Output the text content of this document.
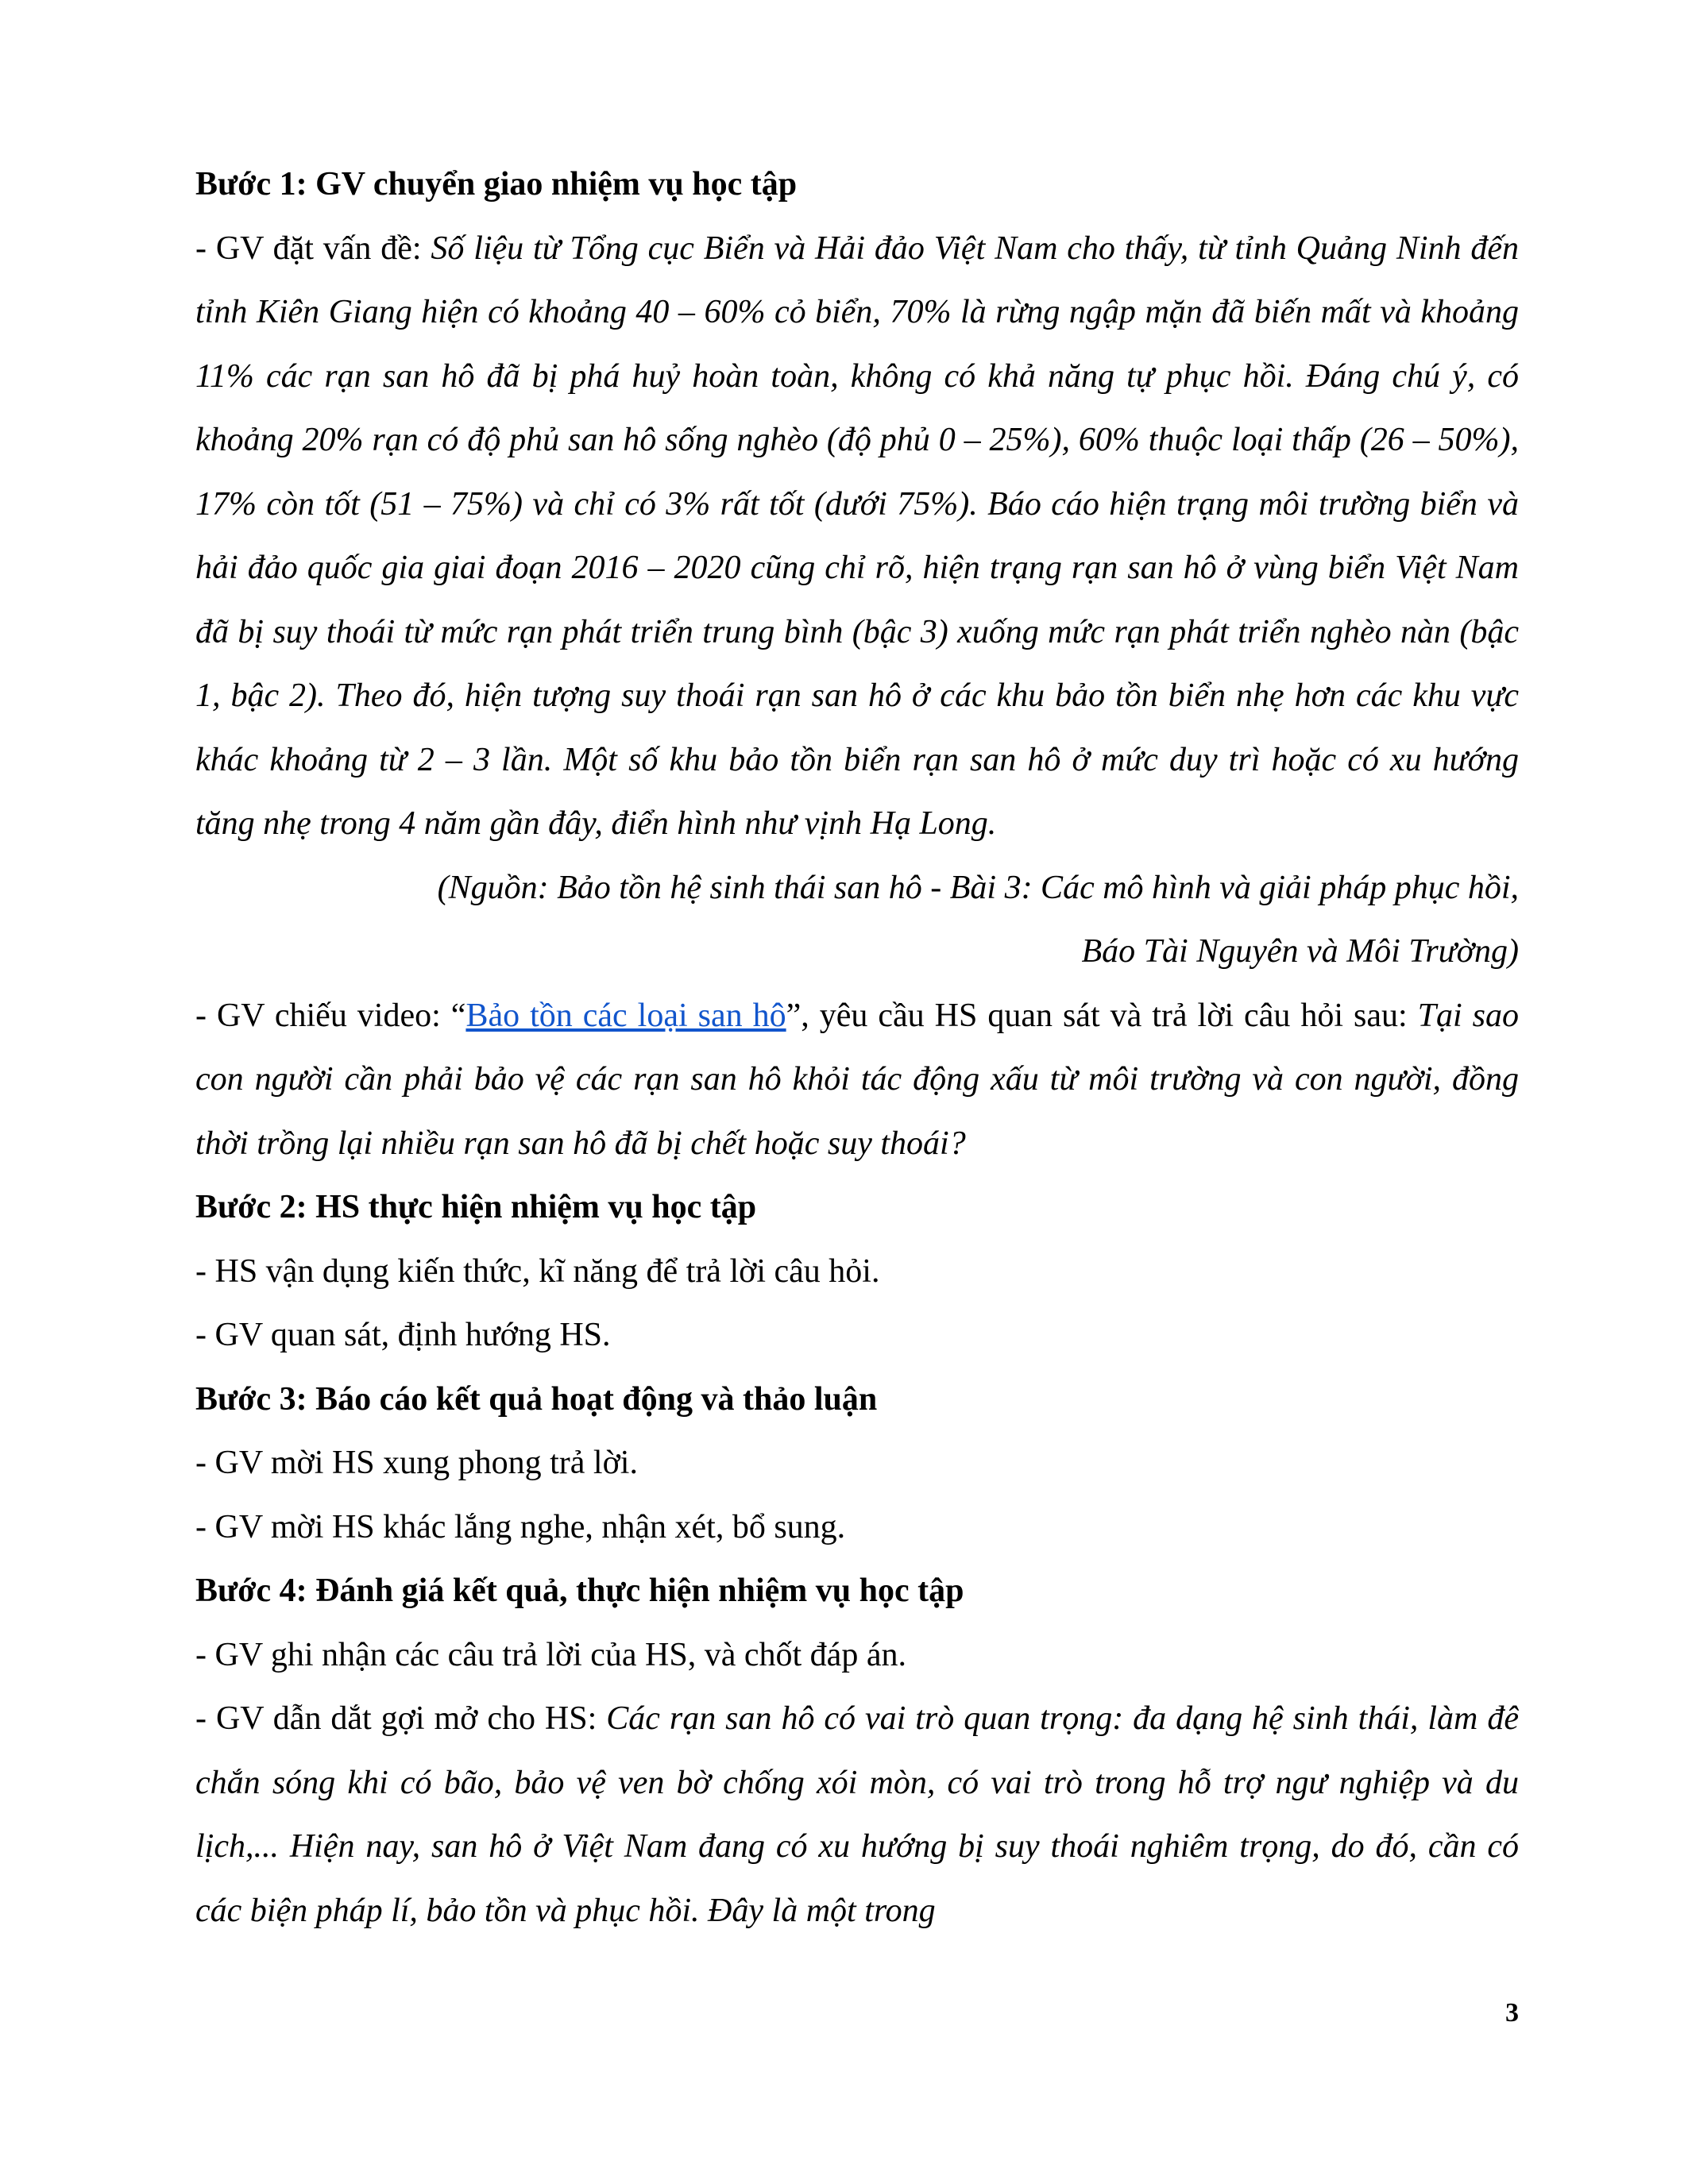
Bước 1: GV chuyển giao nhiệm vụ học tập

- GV đặt vấn đề: Số liệu từ Tổng cục Biển và Hải đảo Việt Nam cho thấy, từ tỉnh Quảng Ninh đến tỉnh Kiên Giang hiện có khoảng 40 – 60% cỏ biển, 70% là rừng ngập mặn đã biến mất và khoảng 11% các rạn san hô đã bị phá huỷ hoàn toàn, không có khả năng tự phục hồi. Đáng chú ý, có khoảng 20% rạn có độ phủ san hô sống nghèo (độ phủ 0 – 25%), 60% thuộc loại thấp (26 – 50%), 17% còn tốt (51 – 75%) và chỉ có 3% rất tốt (dưới 75%). Báo cáo hiện trạng môi trường biển và hải đảo quốc gia giai đoạn 2016 – 2020 cũng chỉ rõ, hiện trạng rạn san hô ở vùng biển Việt Nam đã bị suy thoái từ mức rạn phát triển trung bình (bậc 3) xuống mức rạn phát triển nghèo nàn (bậc 1, bậc 2). Theo đó, hiện tượng suy thoái rạn san hô ở các khu bảo tồn biển nhẹ hơn các khu vực khác khoảng từ 2 – 3 lần. Một số khu bảo tồn biển rạn san hô ở mức duy trì hoặc có xu hướng tăng nhẹ trong 4 năm gần đây, điển hình như vịnh Hạ Long.

(Nguồn: Bảo tồn hệ sinh thái san hô - Bài 3: Các mô hình và giải pháp phục hồi,

Báo Tài Nguyên và Môi Trường)

- GV chiếu video: “Bảo tồn các loại san hô”, yêu cầu HS quan sát và trả lời câu hỏi sau: Tại sao con người cần phải bảo vệ các rạn san hô khỏi tác động xấu từ môi trường và con người, đồng thời trồng lại nhiều rạn san hô đã bị chết hoặc suy thoái?

Bước 2: HS thực hiện nhiệm vụ học tập

- HS vận dụng kiến thức, kĩ năng để trả lời câu hỏi.

- GV quan sát, định hướng HS.

Bước 3: Báo cáo kết quả hoạt động và thảo luận

- GV mời HS xung phong trả lời.

- GV mời HS khác lắng nghe, nhận xét, bổ sung.

Bước 4: Đánh giá kết quả, thực hiện nhiệm vụ học tập

- GV ghi nhận các câu trả lời của HS, và chốt đáp án.

- GV dẫn dắt gợi mở cho HS: Các rạn san hô có vai trò quan trọng: đa dạng hệ sinh thái, làm đê chắn sóng khi có bão, bảo vệ ven bờ chống xói mòn, có vai trò trong hỗ trợ ngư nghiệp và du lịch,... Hiện nay, san hô ở Việt Nam đang có xu hướng bị suy thoái nghiêm trọng, do đó, cần có các biện pháp lí, bảo tồn và phục hồi. Đây là một trong

3
